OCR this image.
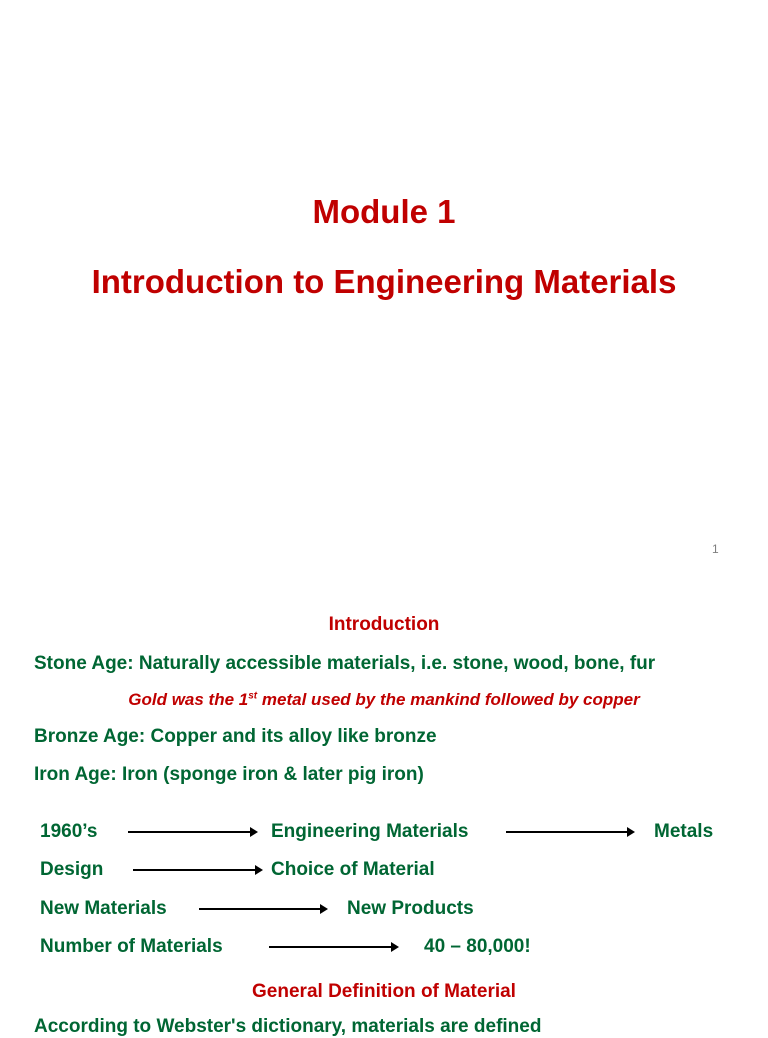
Module 1
Introduction to Engineering Materials
1
Introduction
Stone Age: Naturally accessible materials, i.e. stone, wood, bone, fur
Gold was the 1st metal used by the mankind followed by copper
Bronze Age: Copper and its alloy like bronze
Iron Age: Iron (sponge iron & later pig iron)
1960’s	Engineering Materials	Metals
Design	Choice of Material
New Materials	New Products
Number of Materials	40 – 80,000!
General Definition of Material
According to Webster's dictionary, materials are defined
